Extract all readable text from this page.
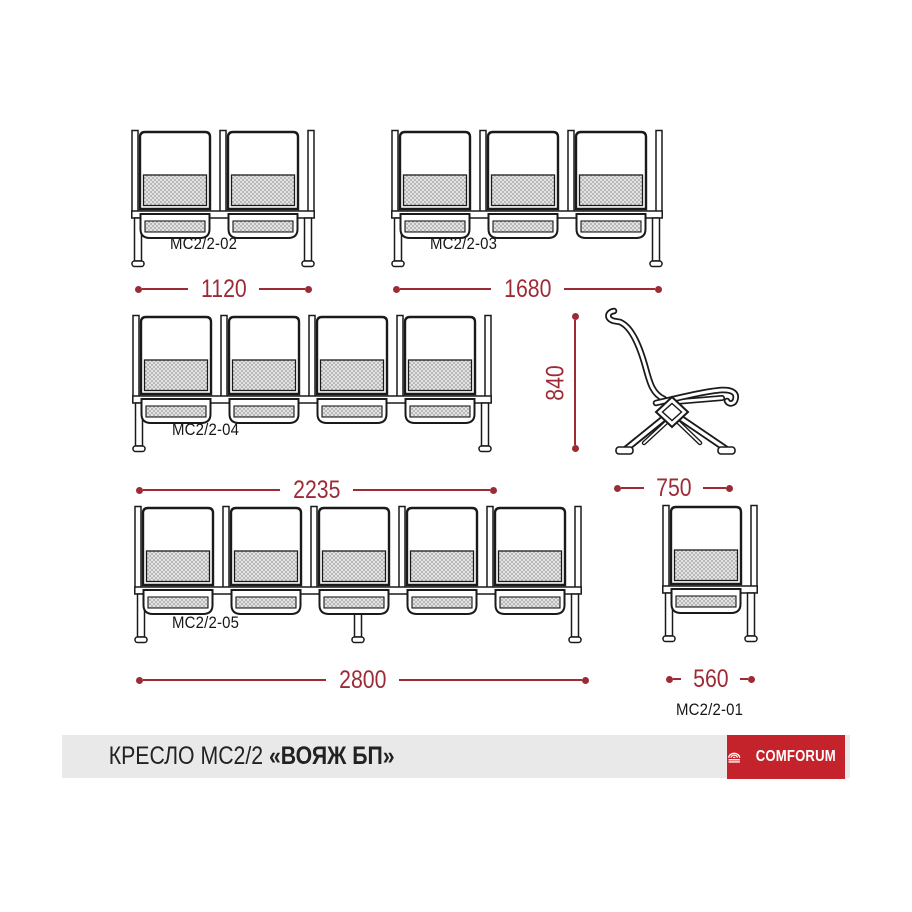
МС2/2-02	МС2/2-03
МС2/2-04
МС2/2-05
МС2/2-01
1120	1680
2235
2800	560
750
840
КРЕСЛО МС2/2 «ВОЯЖ БП»	COMFORUM
